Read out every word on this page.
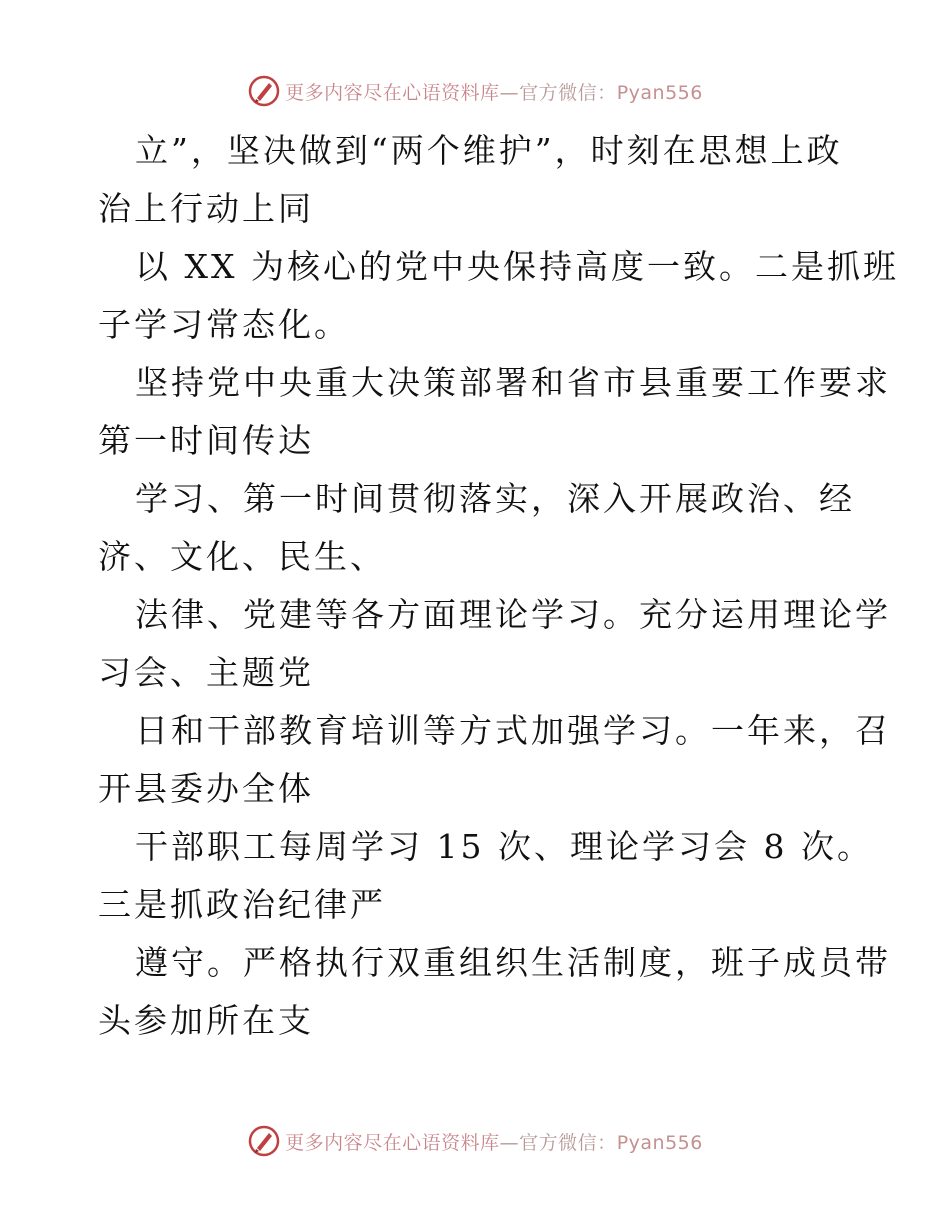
更多内容尽在心语资料库—官方微信：Pyan556
立”，坚决做到“两个维护”，时刻在思想上政
治上行动上同
以 XX 为核心的党中央保持高度一致。二是抓班
子学习常态化。
坚持党中央重大决策部署和省市县重要工作要求
第一时间传达
学习、第一时间贯彻落实，深入开展政治、经
济、文化、民生、
法律、党建等各方面理论学习。充分运用理论学
习会、主题党
日和干部教育培训等方式加强学习。一年来，召
开县委办全体
干部职工每周学习 15 次、理论学习会 8 次。
三是抓政治纪律严
遵守。严格执行双重组织生活制度，班子成员带
头参加所在支
更多内容尽在心语资料库—官方微信：Pyan556
